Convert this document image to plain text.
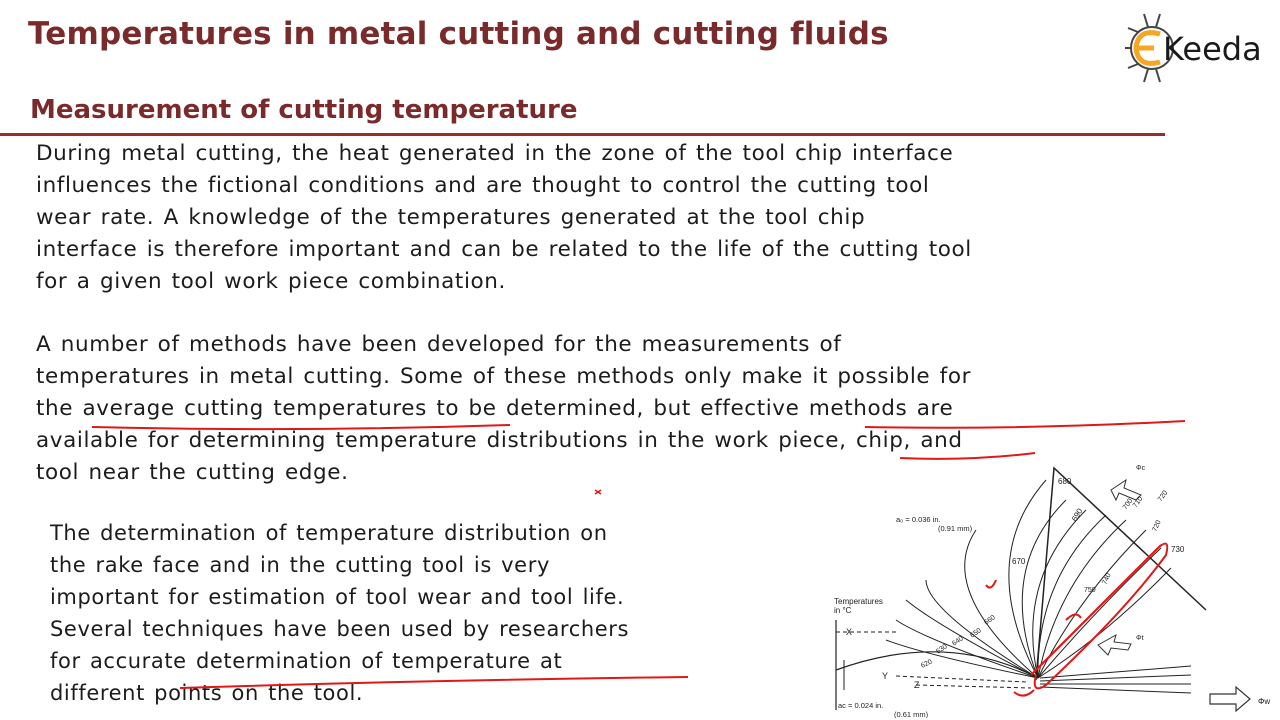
Temperatures in metal cutting and cutting fluids
Measurement of cutting temperature
Keeda
During metal cutting, the heat generated in the zone of the tool chip interface
influences the fictional conditions and are thought to control the cutting tool
wear rate. A knowledge of the temperatures generated at the tool chip
interface is therefore important and can be related to the life of the cutting tool
for a given tool work piece combination.
A number of methods have been developed for the measurements of
temperatures in metal cutting. Some of these methods only make it possible for
the average cutting temperatures to be determined, but effective methods are
available for determining temperature distributions in the work piece, chip, and
tool near the cutting edge.
The determination of temperature distribution on
the rake face and in the cutting tool is very
important for estimation of tool wear and tool life.
Several techniques have been used by researchers
for accurate determination of temperature at
different points on the tool.
680
690
700
710 720
720
730
670
740
750
660
650
640
630
620
Temperatures
in °C
a₀ = 0.036 in.
(0.91 mm)
aᴄ = 0.024 in.
(0.61 mm)
X
Y
Z
Φc
Φt
Φw
